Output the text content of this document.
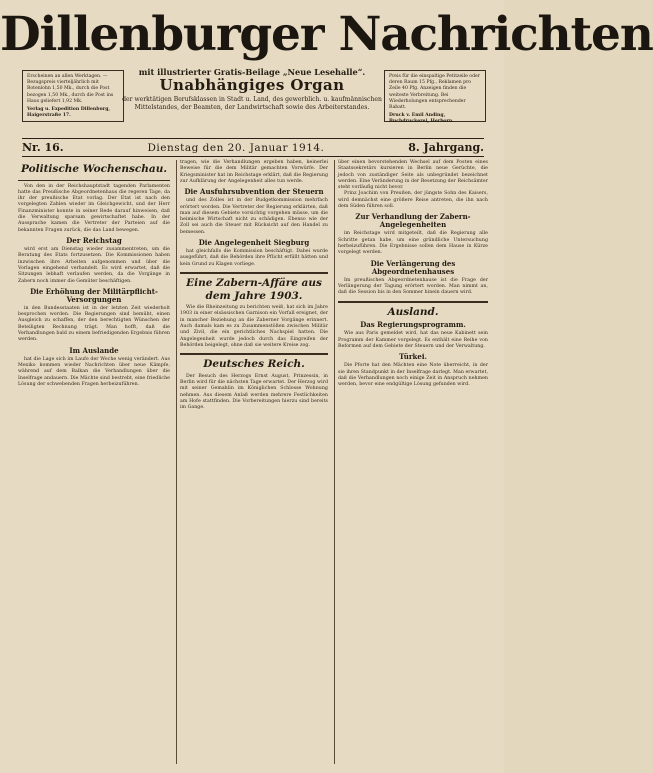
Dillenburger Nachrichten
Erscheinen an allen Werktagen. — Bezugspreis vierteljährlich mit Botenlohn 1,50 Mk., durch die Post bezogen 1,50 Mk., durch die Post ins Haus geliefert 1,92 Mk.
Verlag u. Expedition Dillenburg, Haigerstraße 17.
mit illustrierter Gratis-Beilage „Neue Lesehalle“.
Unabhängiges Organ
der werktätigen Berufsklassen in Stadt u. Land, des gewerblich. u. kaufmännischen Mittelstandes, der Beamten, der Landwirtschaft sowie des Arbeiterstandes.
Preis für die einspaltige Petitzeile oder deren Raum 15 Pfg., Reklamen pro Zeile 40 Pfg. Anzeigen finden die weiteste Verbreitung. Bei Wiederholungen entsprechender Rabatt.
Druck v. Emil Anding, Buchdruckerei, Herborn.
Nr. 16.	Dienstag den 20. Januar 1914.	8. Jahrgang.
Politische Wochenschau.

Von den in der Reichshauptstadt tagenden Parlamenten hatte das Preußische Abgeordnetenhaus die regeren Tage, da ihr der preußische Etat vorlag. Der Etat ist nach den vorgelegten Zahlen wieder im Gleichgewicht, und der Herr Finanzminister konnte in seiner Rede darauf hinweisen, daß die Verwaltung sparsam gewirtschaftet habe. In der Aussprache kamen die Vertreter der Parteien auf die bekannten Fragen zurück, die das Land bewegen.

Der Reichstag

wird erst am Dienstag wieder zusammentreten, um die Beratung des Etats fortzusetzen. Die Kommissionen haben inzwischen ihre Arbeiten aufgenommen und über die Vorlagen eingehend verhandelt. Es wird erwartet, daß die Sitzungen lebhaft verlaufen werden, da die Vorgänge in Zabern noch immer die Gemüter beschäftigen.

Die Erhöhung der Militärpflicht-Versorgungen

in den Bundesstaaten ist in der letzten Zeit wiederholt besprochen worden. Die Regierungen sind bemüht, einen Ausgleich zu schaffen, der den berechtigten Wünschen der Beteiligten Rechnung trägt. Man hofft, daß die Verhandlungen bald zu einem befriedigenden Ergebnis führen werden.

Im Auslande

hat die Lage sich im Laufe der Woche wenig verändert. Aus Mexiko kommen wieder Nachrichten über neue Kämpfe, während auf dem Balkan die Verhandlungen über die Inselfrage andauern. Die Mächte sind bestrebt, eine friedliche Lösung der schwebenden Fragen herbeizuführen.

tragen, wie die Verhandlungen ergeben haben, keinerlei Beweise für die dem Militär gemachten Vorwürfe. Der Kriegsminister hat im Reichstage erklärt, daß die Regierung zur Aufklärung der Angelegenheit alles tun werde.

Die Ausfuhrsubvention der Steuern

und des Zolles ist in der Budgetkommission mehrfach erörtert worden. Die Vertreter der Regierung erklärten, daß man auf diesem Gebiete vorsichtig vorgehen müsse, um die heimische Wirtschaft nicht zu schädigen. Ebenso wie der Zoll sei auch die Steuer mit Rücksicht auf den Handel zu bemessen.

Die Angelegenheit Siegburg

hat gleichfalls die Kommission beschäftigt. Dabei wurde ausgeführt, daß die Behörden ihre Pflicht erfüllt hätten und kein Grund zu Klagen vorliege.

Eine Zabern-Affäre aus dem Jahre 1903.

Wie die Rheinzeitung zu berichten weiß, hat sich im Jahre 1903 in einer elsässischen Garnison ein Vorfall ereignet, der in mancher Beziehung an die Zaberner Vorgänge erinnert. Auch damals kam es zu Zusammenstößen zwischen Militär und Zivil, die ein gerichtliches Nachspiel hatten. Die Angelegenheit wurde jedoch durch das Eingreifen der Behörden beigelegt, ohne daß sie weitere Kreise zog.

Deutsches Reich.

Der Besuch des Herzogs Ernst August, Prinzessin, in Berlin wird für die nächsten Tage erwartet. Der Herzog wird mit seiner Gemahlin im Königlichen Schlosse Wohnung nehmen. Aus diesem Anlaß werden mehrere Festlichkeiten am Hofe stattfinden. Die Vorbereitungen hierzu sind bereits im Gange.

über einen bevorstehenden Wechsel auf dem Posten eines Staatssekretärs kursieren in Berlin neue Gerüchte, die jedoch von zuständiger Seite als unbegründet bezeichnet werden. Eine Veränderung in der Besetzung der Reichsämter steht vorläufig nicht bevor.

Prinz Joachim von Preußen, der jüngste Sohn des Kaisers, wird demnächst eine größere Reise antreten, die ihn nach dem Süden führen soll.

Zur Verhandlung der Zabern-Angelegenheiten

im Reichstage wird mitgeteilt, daß die Regierung alle Schritte getan habe, um eine gründliche Untersuchung herbeizuführen. Die Ergebnisse sollen dem Hause in Kürze vorgelegt werden.

Die Verlängerung des Abgeordnetenhauses

Im preußischen Abgeordnetenhause ist die Frage der Verlängerung der Tagung erörtert worden. Man nimmt an, daß die Session bis in den Sommer hinein dauern wird.

Ausland.
Das Regierungsprogramm.

Wie aus Paris gemeldet wird, hat das neue Kabinett sein Programm der Kammer vorgelegt. Es enthält eine Reihe von Reformen auf dem Gebiete der Steuern und der Verwaltung.

Türkei.

Die Pforte hat den Mächten eine Note überreicht, in der sie ihren Standpunkt in der Inselfrage darlegt. Man erwartet, daß die Verhandlungen noch einige Zeit in Anspruch nehmen werden, bevor eine endgültige Lösung gefunden wird.
